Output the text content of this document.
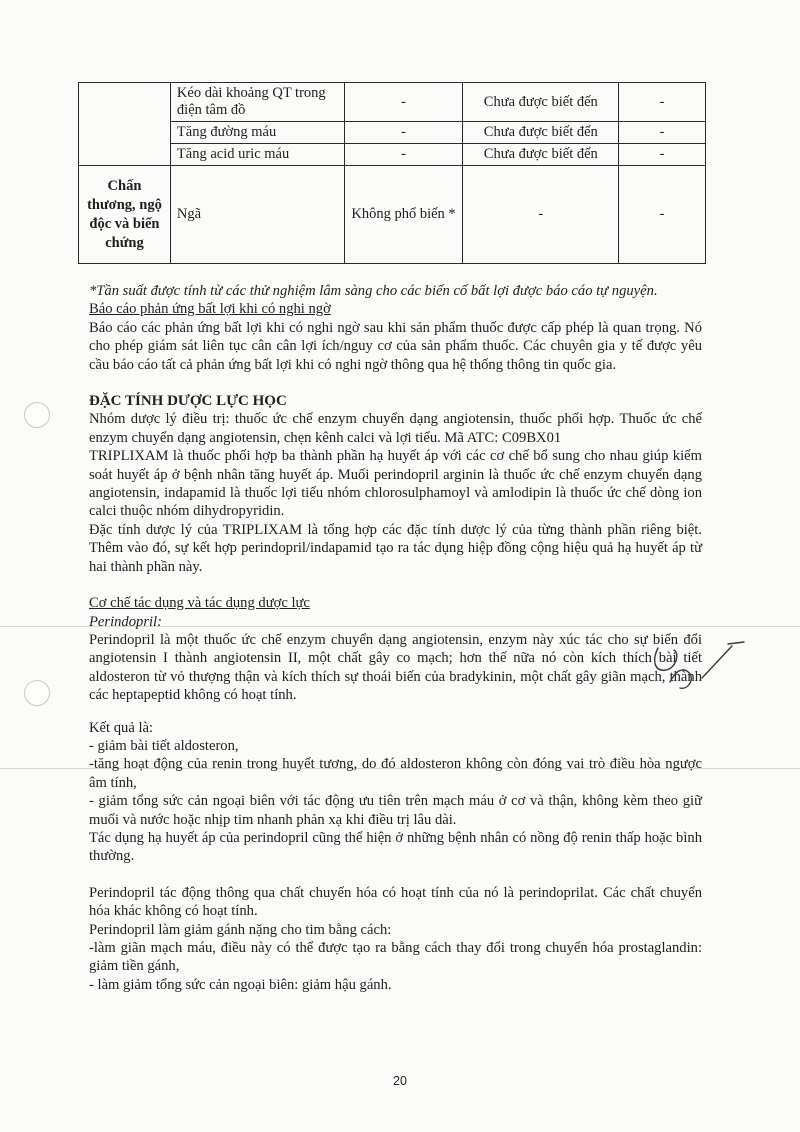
	Kéo dài khoảng QT trong điện tâm đồ	-	Chưa được biết đến	-
	Tăng đường máu	-	Chưa được biết đến	-
	Tăng acid uric máu	-	Chưa được biết đến	-
Chấn thương, ngộ độc và biến chứng	Ngã	Không phổ biến *	-	-

*Tần suất được tính từ các thử nghiệm lâm sàng cho các biến cố bất lợi được báo cáo tự nguyện.

Báo cáo phản ứng bất lợi khi có nghi ngờ

Báo cáo các phản ứng bất lợi khi có nghi ngờ sau khi sản phẩm thuốc được cấp phép là quan trọng. Nó cho phép giám sát liên tục cân cân lợi ích/nguy cơ của sản phẩm thuốc. Các chuyên gia y tế được yêu cầu báo cáo tất cả phản ứng bất lợi khi có nghi ngờ thông qua hệ thống thông tin quốc gia.

ĐẶC TÍNH DƯỢC LỰC HỌC

Nhóm dược lý điều trị: thuốc ức chế enzym chuyển dạng angiotensin, thuốc phối hợp. Thuốc ức chế enzym chuyển dạng angiotensin, chẹn kênh calci và lợi tiểu. Mã ATC: C09BX01

TRIPLIXAM là thuốc phối hợp ba thành phần hạ huyết áp với các cơ chế bổ sung cho nhau giúp kiểm soát huyết áp ở bệnh nhân tăng huyết áp. Muối perindopril arginin là thuốc ức chế enzym chuyển dạng angiotensin, indapamid là thuốc lợi tiểu nhóm chlorosulphamoyl và amlodipin là thuốc ức chế dòng ion calci thuộc nhóm dihydropyridin.

Đặc tính dược lý của TRIPLIXAM là tổng hợp các đặc tính dược lý của từng thành phần riêng biệt. Thêm vào đó, sự kết hợp perindopril/indapamid tạo ra tác dụng hiệp đồng cộng hiệu quả hạ huyết áp từ hai thành phần này.

Cơ chế tác dụng và tác dụng dược lực

Perindopril:

Perindopril là một thuốc ức chế enzym chuyển dạng angiotensin, enzym này xúc tác cho sự biến đổi angiotensin I thành angiotensin II, một chất gây co mạch; hơn thế nữa nó còn kích thích bài tiết aldosteron từ vỏ thượng thận và kích thích sự thoái biến của bradykinin, một chất gây giãn mạch, thành các heptapeptid không có hoạt tính.

Kết quả là:

- giảm bài tiết aldosteron,

-tăng hoạt động của renin trong huyết tương, do đó aldosteron không còn đóng vai trò điều hòa ngược âm tính,

- giảm tổng sức cản ngoại biên với tác động ưu tiên trên mạch máu ở cơ và thận, không kèm theo giữ muối và nước hoặc nhịp tim nhanh phản xạ khi điều trị lâu dài.

Tác dụng hạ huyết áp của perindopril cũng thể hiện ở những bệnh nhân có nồng độ renin thấp hoặc bình thường.

Perindopril tác động thông qua chất chuyển hóa có hoạt tính của nó là perindoprilat. Các chất chuyển hóa khác không có hoạt tính.

Perindopril làm giảm gánh nặng cho tim bằng cách:

-làm giãn mạch máu, điều này có thể được tạo ra bằng cách thay đổi trong chuyển hóa prostaglandin: giảm tiền gánh,

- làm giảm tổng sức cản ngoại biên: giảm hậu gánh.

20
